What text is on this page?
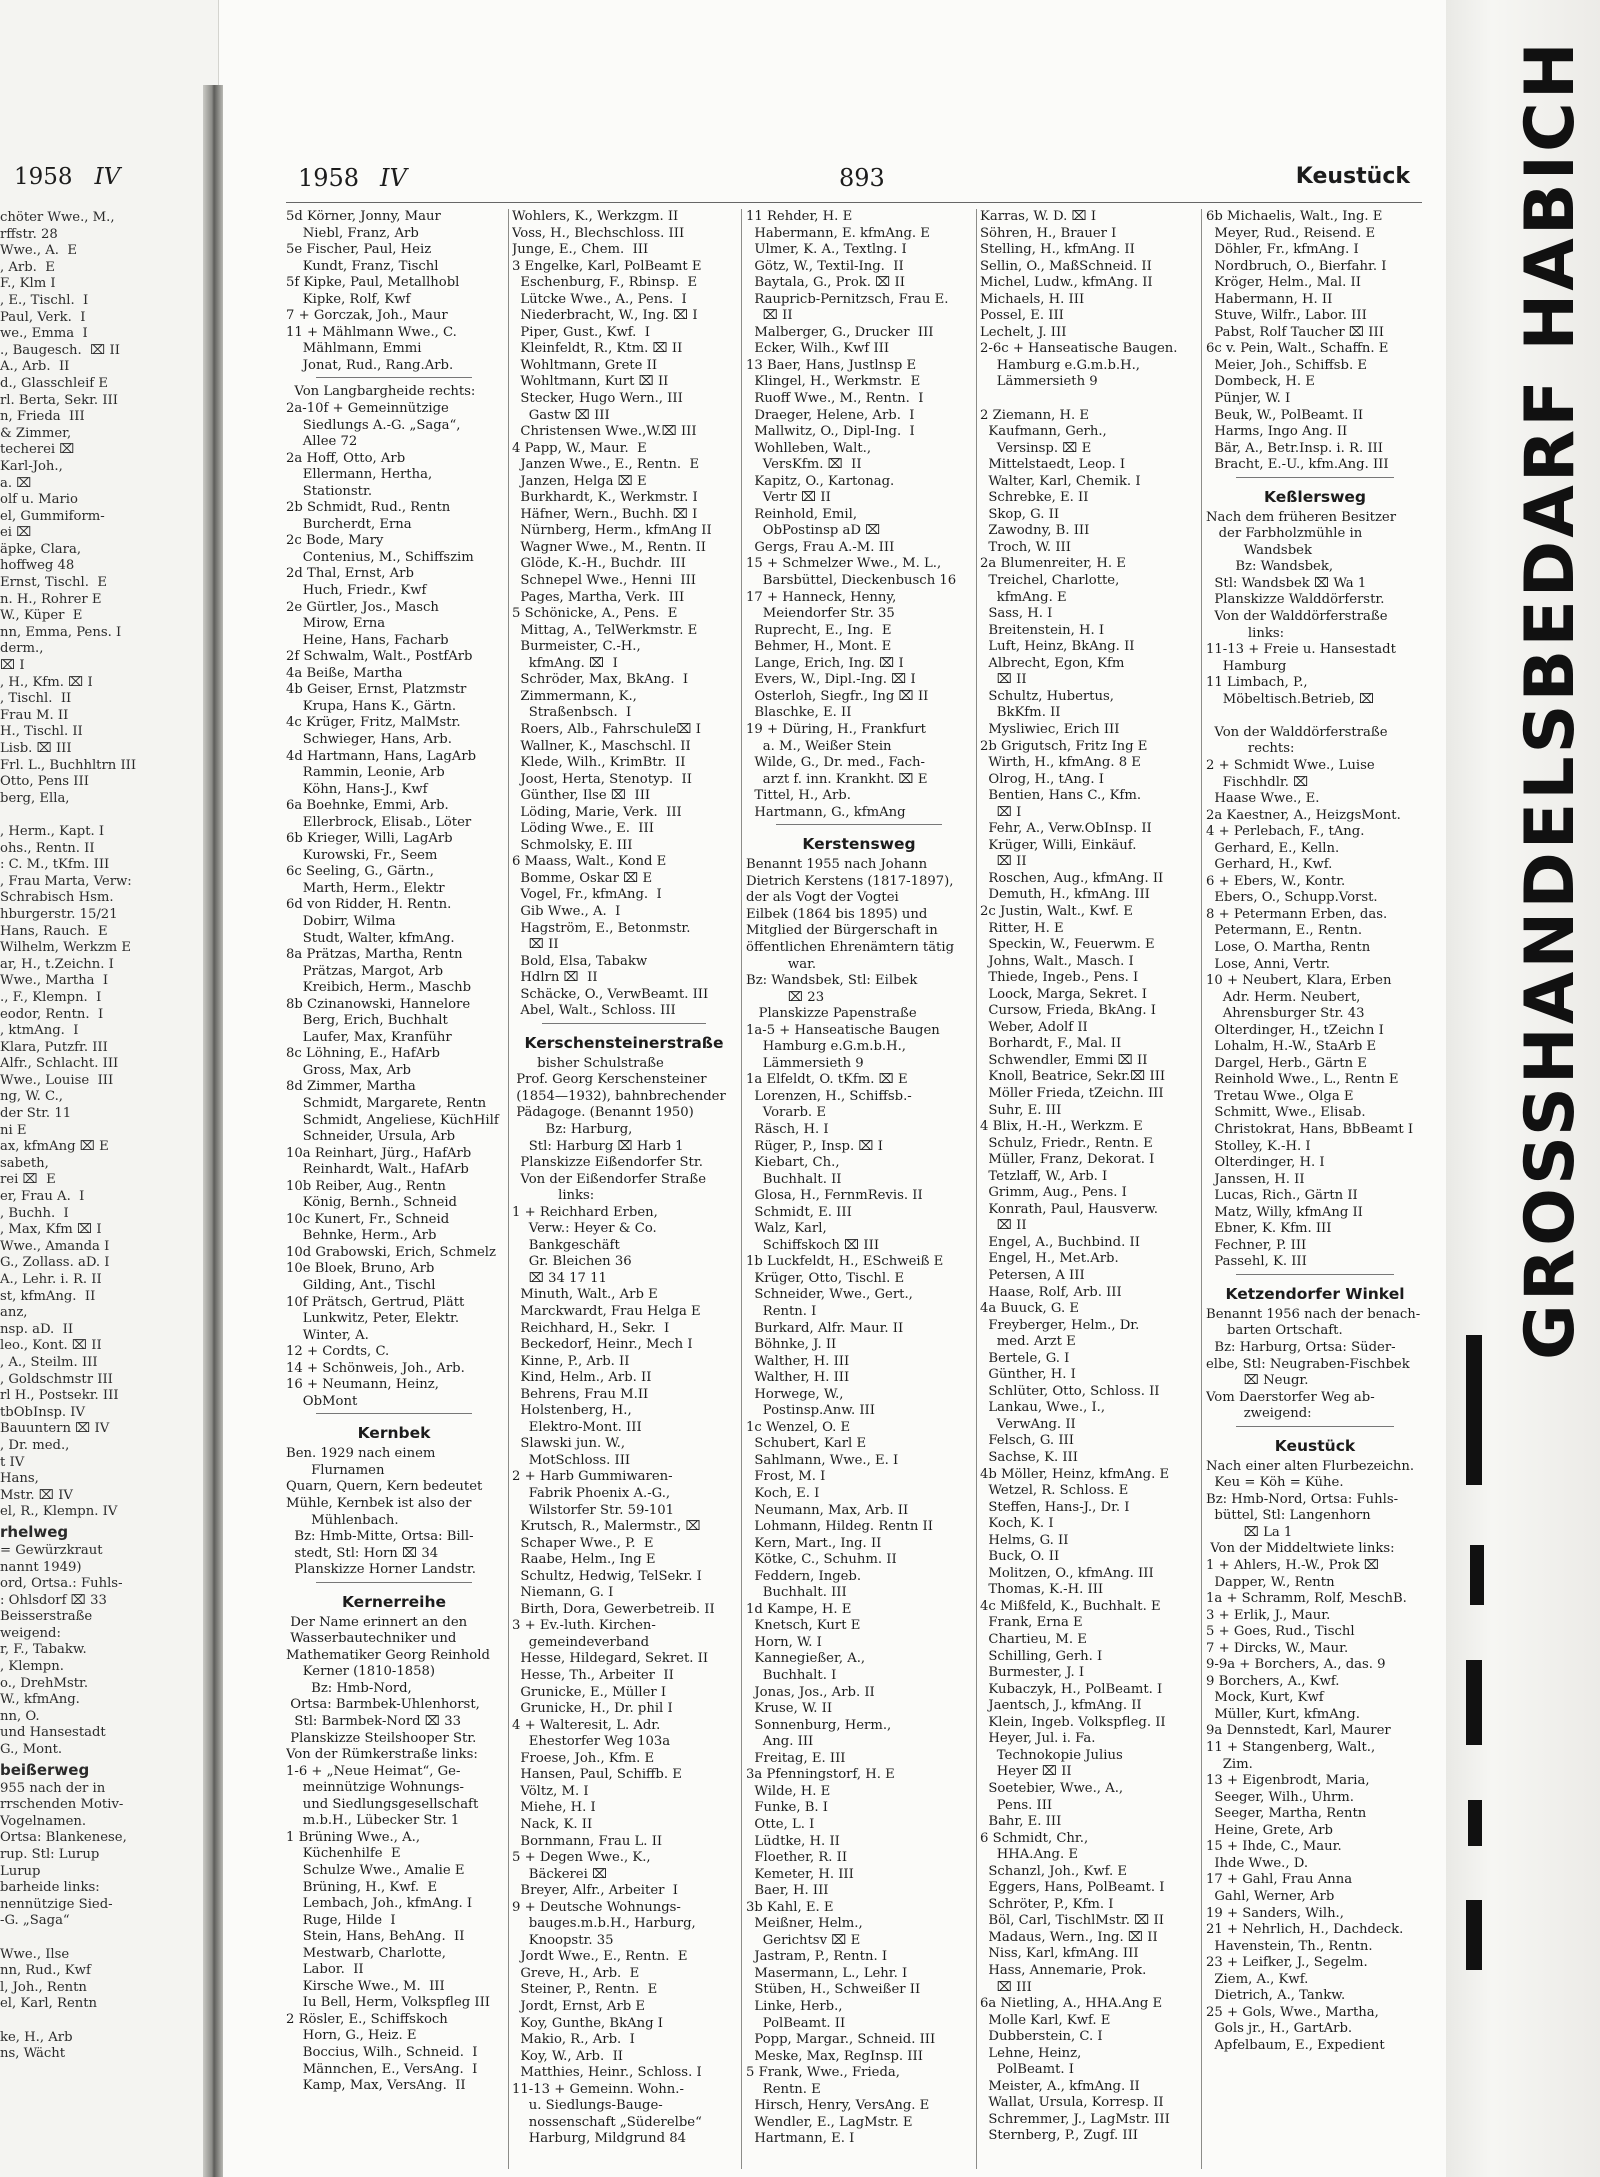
1958 IV
chöter Wwe., M.,
rffstr. 28
Wwe., A.  E
, Arb.  E
F., Klm I
, E., Tischl.  I
Paul, Verk.  I
we., Emma  I
., Baugesch.  ⌧ II
A., Arb.  II
d., Glasschleif E
rl. Berta, Sekr. III
n, Frieda  III
& Zimmer,
techerei ⌧
Karl-Joh.,
a. ⌧
olf u. Mario
el, Gummiform-
ei ⌧
äpke, Clara,
hoffweg 48
Ernst, Tischl.  E
n. H., Rohrer E
W., Küper  E
nn, Emma, Pens. I
derm.,
⌧ I
, H., Kfm. ⌧ I
, Tischl.  II
Frau M. II
H., Tischl. II
Lisb. ⌧ III
Frl. L., Buchhltrn III
Otto, Pens III
berg, Ella,

, Herm., Kapt. I
ohs., Rentn. II
: C. M., tKfm. III
, Frau Marta, Verw:
Schrabisch Hsm.
hburgerstr. 15/21
Hans, Rauch.  E
Wilhelm, Werkzm E
ar, H., t.Zeichn. I
Wwe., Martha  I
., F., Klempn.  I
eodor, Rentn.  I
, ktmAng.  I
Klara, Putzfr. III
Alfr., Schlacht. III
Wwe., Louise  III
ng, W. C.,
der Str. 11
ni E
ax, kfmAng ⌧ E
sabeth,
rei ⌧  E
er, Frau A.  I
, Buchh.  I
, Max, Kfm ⌧ I
Wwe., Amanda I
G., Zollass. aD. I
A., Lehr. i. R. II
st, kfmAng.  II
anz,
nsp. aD.  II
leo., Kont. ⌧ II
, A., Steilm. III
, Goldschmstr III
rl H., Postsekr. III
tbObInsp. IV
Bauuntern ⌧ IV
, Dr. med.,
t IV
Hans,
Mstr. ⌧ IV
el, R., Klempn. IV
rhelweg
= Gewürzkraut
nannt 1949)
ord, Ortsa.: Fuhls-
: Ohlsdorf ⌧ 33
Beisserstraße
weigend:
r, F., Tabakw.
, Klempn.
o., DrehMstr.
W., kfmAng.
nn, O.
und Hansestadt
G., Mont.
beißerweg
955 nach der in
rrschenden Motiv-
Vogelnamen.
Ortsa: Blankenese,
rup. Stl: Lurup
Lurup
barheide links:
nennützige Sied-
-G. „Saga“

Wwe., Ilse
nn, Rud., Kwf
l, Joh., Rentn
el, Karl, Rentn

ke, H., Arb
ns, Wächt
1958 IV	893	Keustück
5d Körner, Jonny, Maur
Niebl, Franz, Arb
5e Fischer, Paul, Heiz
Kundt, Franz, Tischl
5f Kipke, Paul, Metallhobl
Kipke, Rolf, Kwf
7 + Gorczak, Joh., Maur
11 + Mählmann Wwe., C.
Mählmann, Emmi
Jonat, Rud., Rang.Arb.
Von Langbargheide rechts:
2a-10f + Gemeinnützige
Siedlungs A.-G. „Saga“,
Allee 72
2a Hoff, Otto, Arb
Ellermann, Hertha,
Stationstr.
2b Schmidt, Rud., Rentn
Burcherdt, Erna
2c Bode, Mary
Contenius, M., Schiffszim
2d Thal, Ernst, Arb
Huch, Friedr., Kwf
2e Gürtler, Jos., Masch
Mirow, Erna
Heine, Hans, Facharb
2f Schwalm, Walt., PostfArb
4a Beiße, Martha
4b Geiser, Ernst, Platzmstr
Krupa, Hans K., Gärtn.
4c Krüger, Fritz, MalMstr.
Schwieger, Hans, Arb.
4d Hartmann, Hans, LagArb
Rammin, Leonie, Arb
Köhn, Hans-J., Kwf
6a Boehnke, Emmi, Arb.
Ellerbrock, Elisab., Löter
6b Krieger, Willi, LagArb
Kurowski, Fr., Seem
6c Seeling, G., Gärtn.,
Marth, Herm., Elektr
6d von Ridder, H. Rentn.
Dobirr, Wilma
Studt, Walter, kfmAng.
8a Prätzas, Martha, Rentn
Prätzas, Margot, Arb
Kreibich, Herm., Maschb
8b Czinanowski, Hannelore
Berg, Erich, Buchhalt
Laufer, Max, Kranführ
8c Löhning, E., HafArb
Gross, Max, Arb
8d Zimmer, Martha
Schmidt, Margarete, Rentn
Schmidt, Angeliese, KüchHilf
Schneider, Ursula, Arb
10a Reinhart, Jürg., HafArb
Reinhardt, Walt., HafArb
10b Reiber, Aug., Rentn
König, Bernh., Schneid
10c Kunert, Fr., Schneid
Behnke, Herm., Arb
10d Grabowski, Erich, Schmelz
10e Bloek, Bruno, Arb
Gilding, Ant., Tischl
10f Prätsch, Gertrud, Plätt
Lunkwitz, Peter, Elektr.
Winter, A.
12 + Cordts, C.
14 + Schönweis, Joh., Arb.
16 + Neumann, Heinz,
ObMont
Kernbek
Ben. 1929 nach einem
Flurnamen
Quarn, Quern, Kern bedeutet
Mühle, Kernbek ist also der
Mühlenbach.
Bz: Hmb-Mitte, Ortsa: Bill-
stedt, Stl: Horn ⌧ 34
Planskizze Horner Landstr.
Kernerreihe
Der Name erinnert an den
Wasserbautechniker und
Mathematiker Georg Reinhold
Kerner (1810-1858)
Bz: Hmb-Nord,
Ortsa: Barmbek-Uhlenhorst,
Stl: Barmbek-Nord ⌧ 33
Planskizze Steilshooper Str.
Von der Rümkerstraße links:
1-6 + „Neue Heimat“, Ge-
meinnützige Wohnungs-
und Siedlungsgesellschaft
m.b.H., Lübecker Str. 1
1 Brüning Wwe., A.,
Küchenhilfe  E
Schulze Wwe., Amalie E
Brüning, H., Kwf.  E
Lembach, Joh., kfmAng. I
Ruge, Hilde  I
Stein, Hans, BehAng.  II
Mestwarb, Charlotte,
Labor.  II
Kirsche Wwe., M.  III
Iu Bell, Herm, Volkspfleg III
2 Rösler, E., Schiffskoch
Horn, G., Heiz. E
Boccius, Wilh., Schneid.  I
Männchen, E., VersAng.  I
Kamp, Max, VersAng.  II
Wohlers, K., Werkzgm. II
Voss, H., Blechschloss. III
Junge, E., Chem.  III
3 Engelke, Karl, PolBeamt E
Eschenburg, F., Rbinsp.  E
Lütcke Wwe., A., Pens.  I
Niederbracht, W., Ing. ⌧ I
Piper, Gust., Kwf.  I
Kleinfeldt, R., Ktm. ⌧ II
Wohltmann, Grete II
Wohltmann, Kurt ⌧ II
Stecker, Hugo Wern., III
Gastw ⌧ III
Christensen Wwe.,W.⌧ III
4 Papp, W., Maur.  E
Janzen Wwe., E., Rentn.  E
Janzen, Helga ⌧ E
Burkhardt, K., Werkmstr. I
Häfner, Wern., Buchh. ⌧ I
Nürnberg, Herm., kfmAng II
Wagner Wwe., M., Rentn. II
Glöde, K.-H., Buchdr.  III
Schnepel Wwe., Henni  III
Pages, Martha, Verk.  III
5 Schönicke, A., Pens.  E
Mittag, A., TelWerkmstr. E
Burmeister, C.-H.,
kfmAng. ⌧  I
Schröder, Max, BkAng.  I
Zimmermann, K.,
Straßenbsch.  I
Roers, Alb., Fahrschule⌧ I
Wallner, K., Maschschl. II
Klede, Wilh., KrimBtr.  II
Joost, Herta, Stenotyp.  II
Günther, Ilse ⌧  III
Löding, Marie, Verk.  III
Löding Wwe., E.  III
Schmolsky, E. III
6 Maass, Walt., Kond E
Bomme, Oskar ⌧ E
Vogel, Fr., kfmAng.  I
Gib Wwe., A.  I
Hagström, E., Betonmstr.
⌧ II
Bold, Elsa, Tabakw
Hdlrn ⌧  II
Schäcke, O., VerwBeamt. III
Abel, Walt., Schloss. III
Kerschensteinerstraße
bisher Schulstraße
Prof. Georg Kerschensteiner
(1854—1932), bahnbrechender
Pädagoge. (Benannt 1950)
Bz: Harburg,
Stl: Harburg ⌧ Harb 1
Planskizze Eißendorfer Str.
Von der Eißendorfer Straße
links:
1 + Reichhard Erben,
Verw.: Heyer & Co.
Bankgeschäft
Gr. Bleichen 36
⌧ 34 17 11
Minuth, Walt., Arb E
Marckwardt, Frau Helga E
Reichhard, H., Sekr.  I
Beckedorf, Heinr., Mech I
Kinne, P., Arb. II
Kind, Helm., Arb. II
Behrens, Frau M.II
Holstenberg, H.,
Elektro-Mont. III
Slawski jun. W.,
MotSchloss. III
2 + Harb Gummiwaren-
Fabrik Phoenix A.-G.,
Wilstorfer Str. 59-101
Krutsch, R., Malermstr., ⌧
Schaper Wwe., P.  E
Raabe, Helm., Ing E
Schultz, Hedwig, TelSekr. I
Niemann, G. I
Birth, Dora, Gewerbetreib. II
3 + Ev.-luth. Kirchen-
gemeindeverband
Hesse, Hildegard, Sekret. II
Hesse, Th., Arbeiter  II
Grunicke, E., Müller I
Grunicke, H., Dr. phil I
4 + Walteresit, L. Adr.
Ehestorfer Weg 103a
Froese, Joh., Kfm. E
Hansen, Paul, Schiffb. E
Völtz, M. I
Miehe, H. I
Nack, K. II
Bornmann, Frau L. II
5 + Degen Wwe., K.,
Bäckerei ⌧
Breyer, Alfr., Arbeiter  I
9 + Deutsche Wohnungs-
bauges.m.b.H., Harburg,
Knoopstr. 35
Jordt Wwe., E., Rentn.  E
Greve, H., Arb.  E
Steiner, P., Rentn.  E
Jordt, Ernst, Arb E
Koy, Gunthe, BkAng I
Makio, R., Arb.  I
Koy, W., Arb.  II
Matthies, Heinr., Schloss. I
11-13 + Gemeinn. Wohn.-
u. Siedlungs-Bauge-
nossenschaft „Süderelbe“
Harburg, Mildgrund 84
11 Rehder, H. E
Habermann, E. kfmAng. E
Ulmer, K. A., Textlng. I
Götz, W., Textil-Ing.  II
Baytala, G., Prok. ⌧ II
Raupricb-Pernitzsch, Frau E.
⌧ II
Malberger, G., Drucker  III
Ecker, Wilh., Kwf III
13 Baer, Hans, Justlnsp E
Klingel, H., Werkmstr.  E
Ruoff Wwe., M., Rentn.  I
Draeger, Helene, Arb.  I
Mallwitz, O., Dipl-Ing.  I
Wohlleben, Walt.,
VersKfm. ⌧  II
Kapitz, O., Kartonag.
Vertr ⌧ II
Reinhold, Emil,
ObPostinsp aD ⌧
Gergs, Frau A.-M. III
15 + Schmelzer Wwe., M. L.,
Barsbüttel, Dieckenbusch 16
17 + Hanneck, Henny,
Meiendorfer Str. 35
Ruprecht, E., Ing.  E
Behmer, H., Mont. E
Lange, Erich, Ing. ⌧ I
Evers, W., Dipl.-Ing. ⌧ I
Osterloh, Siegfr., Ing ⌧ II
Blaschke, E. II
19 + Düring, H., Frankfurt
a. M., Weißer Stein
Wilde, G., Dr. med., Fach-
arzt f. inn. Krankht. ⌧ E
Tittel, H., Arb.
Hartmann, G., kfmAng
Kerstensweg
Benannt 1955 nach Johann
Dietrich Kerstens (1817-1897),
der als Vogt der Vogtei
Eilbek (1864 bis 1895) und
Mitglied der Bürgerschaft in
öffentlichen Ehrenämtern tätig
war.
Bz: Wandsbek, Stl: Eilbek
⌧ 23
Planskizze Papenstraße
1a-5 + Hanseatische Baugen
Hamburg e.G.m.b.H.,
Lämmersieth 9
1a Elfeldt, O. tKfm. ⌧ E
Lorenzen, H., Schiffsb.-
Vorarb. E
Räsch, H. I
Rüger, P., Insp. ⌧ I
Kiebart, Ch.,
Buchhalt. II
Glosa, H., FernmRevis. II
Schmidt, E. III
Walz, Karl,
Schiffskoch ⌧ III
1b Luckfeldt, H., ESchweiß E
Krüger, Otto, Tischl. E
Schneider, Wwe., Gert.,
Rentn. I
Burkard, Alfr. Maur. II
Böhnke, J. II
Walther, H. III
Walther, H. III
Horwege, W.,
Postinsp.Anw. III
1c Wenzel, O. E
Schubert, Karl E
Sahlmann, Wwe., E. I
Frost, M. I
Koch, E. I
Neumann, Max, Arb. II
Lohmann, Hildeg. Rentn II
Kern, Mart., Ing. II
Kötke, C., Schuhm. II
Feddern, Ingeb.
Buchhalt. III
1d Kampe, H. E
Knetsch, Kurt E
Horn, W. I
Kannegießer, A.,
Buchhalt. I
Jonas, Jos., Arb. II
Kruse, W. II
Sonnenburg, Herm.,
Ang. III
Freitag, E. III
3a Pfenningstorf, H. E
Wilde, H. E
Funke, B. I
Otte, L. I
Lüdtke, H. II
Floether, R. II
Kemeter, H. III
Baer, H. III
3b Kahl, E. E
Meißner, Helm.,
Gerichtsv ⌧ E
Jastram, P., Rentn. I
Masermann, L., Lehr. I
Stüben, H., Schweißer II
Linke, Herb.,
PolBeamt. II
Popp, Margar., Schneid. III
Meske, Max, RegInsp. III
5 Frank, Wwe., Frieda,
Rentn. E
Hirsch, Henry, VersAng. E
Wendler, E., LagMstr. E
Hartmann, E. I
Karras, W. D. ⌧ I
Söhren, H., Brauer I
Stelling, H., kfmAng. II
Sellin, O., MaßSchneid. II
Michel, Ludw., kfmAng. II
Michaels, H. III
Possel, E. III
Lechelt, J. III
2-6c + Hanseatische Baugen.
Hamburg e.G.m.b.H.,
Lämmersieth 9

2 Ziemann, H. E
Kaufmann, Gerh.,
Versinsp. ⌧ E
Mittelstaedt, Leop. I
Walter, Karl, Chemik. I
Schrebke, E. II
Skop, G. II
Zawodny, B. III
Troch, W. III
2a Blumenreiter, H. E
Treichel, Charlotte,
kfmAng. E
Sass, H. I
Breitenstein, H. I
Luft, Heinz, BkAng. II
Albrecht, Egon, Kfm
⌧ II
Schultz, Hubertus,
BkKfm. II
Mysliwiec, Erich III
2b Grigutsch, Fritz Ing E
Wirth, H., kfmAng. 8 E
Olrog, H., tAng. I
Bentien, Hans C., Kfm.
⌧ I
Fehr, A., Verw.ObInsp. II
Krüger, Willi, Einkäuf.
⌧ II
Roschen, Aug., kfmAng. II
Demuth, H., kfmAng. III
2c Justin, Walt., Kwf. E
Ritter, H. E
Speckin, W., Feuerwm. E
Johns, Walt., Masch. I
Thiede, Ingeb., Pens. I
Loock, Marga, Sekret. I
Cursow, Frieda, BkAng. I
Weber, Adolf II
Borhardt, F., Mal. II
Schwendler, Emmi ⌧ II
Knoll, Beatrice, Sekr.⌧ III
Möller Frieda, tZeichn. III
Suhr, E. III
4 Blix, H.-H., Werkzm. E
Schulz, Friedr., Rentn. E
Müller, Franz, Dekorat. I
Tetzlaff, W., Arb. I
Grimm, Aug., Pens. I
Konrath, Paul, Hausverw.
⌧ II
Engel, A., Buchbind. II
Engel, H., Met.Arb.
Petersen, A III
Haase, Rolf, Arb. III
4a Buuck, G. E
Freyberger, Helm., Dr.
med. Arzt E
Bertele, G. I
Günther, H. I
Schlüter, Otto, Schloss. II
Lankau, Wwe., I.,
VerwAng. II
Felsch, G. III
Sachse, K. III
4b Möller, Heinz, kfmAng. E
Wetzel, R. Schloss. E
Steffen, Hans-J., Dr. I
Koch, K. I
Helms, G. II
Buck, O. II
Molitzen, O., kfmAng. III
Thomas, K.-H. III
4c Mißfeld, K., Buchhalt. E
Frank, Erna E
Chartieu, M. E
Schilling, Gerh. I
Burmester, J. I
Kubaczyk, H., PolBeamt. I
Jaentsch, J., kfmAng. II
Klein, Ingeb. Volkspfleg. II
Heyer, Jul. i. Fa.
Technokopie Julius
Heyer ⌧ II
Soetebier, Wwe., A.,
Pens. III
Bahr, E. III
6 Schmidt, Chr.,
HHA.Ang. E
Schanzl, Joh., Kwf. E
Eggers, Hans, PolBeamt. I
Schröter, P., Kfm. I
Böl, Carl, TischlMstr. ⌧ II
Madaus, Wern., Ing. ⌧ II
Niss, Karl, kfmAng. III
Hass, Annemarie, Prok.
⌧ III
6a Nietling, A., HHA.Ang E
Molle Karl, Kwf. E
Dubberstein, C. I
Lehne, Heinz,
PolBeamt. I
Meister, A., kfmAng. II
Wallat, Ursula, Korresp. II
Schremmer, J., LagMstr. III
Sternberg, P., Zugf. III
6b Michaelis, Walt., Ing. E
Meyer, Rud., Reisend. E
Döhler, Fr., kfmAng. I
Nordbruch, O., Bierfahr. I
Kröger, Helm., Mal. II
Habermann, H. II
Stuve, Wilfr., Labor. III
Pabst, Rolf Taucher ⌧ III
6c v. Pein, Walt., Schaffn. E
Meier, Joh., Schiffsb. E
Dombeck, H. E
Pünjer, W. I
Beuk, W., PolBeamt. II
Harms, Ingo Ang. II
Bär, A., Betr.Insp. i. R. III
Bracht, E.-U., kfm.Ang. III
Keßlersweg
Nach dem früheren Besitzer
der Farbholzmühle in
Wandsbek
Bz: Wandsbek,
Stl: Wandsbek ⌧ Wa 1
Planskizze Walddörferstr.
Von der Walddörferstraße
links:
11-13 + Freie u. Hansestadt
Hamburg
11 Limbach, P.,
Möbeltisch.Betrieb, ⌧

Von der Walddörferstraße
rechts:
2 + Schmidt Wwe., Luise
Fischhdlr. ⌧
Haase Wwe., E.
2a Kaestner, A., HeizgsMont.
4 + Perlebach, F., tAng.
Gerhard, E., Kelln.
Gerhard, H., Kwf.
6 + Ebers, W., Kontr.
Ebers, O., Schupp.Vorst.
8 + Petermann Erben, das.
Petermann, E., Rentn.
Lose, O. Martha, Rentn
Lose, Anni, Vertr.
10 + Neubert, Klara, Erben
Adr. Herm. Neubert,
Ahrensburger Str. 43
Olterdinger, H., tZeichn I
Lohalm, H.-W., StaArb E
Dargel, Herb., Gärtn E
Reinhold Wwe., L., Rentn E
Tretau Wwe., Olga E
Schmitt, Wwe., Elisab.
Christokrat, Hans, BbBeamt I
Stolley, K.-H. I
Olterdinger, H. I
Janssen, H. II
Lucas, Rich., Gärtn II
Matz, Willy, kfmAng II
Ebner, K. Kfm. III
Fechner, P. III
Passehl, K. III
Ketzendorfer Winkel
Benannt 1956 nach der benach-
barten Ortschaft.
Bz: Harburg, Ortsa: Süder-
elbe, Stl: Neugraben-Fischbek
⌧ Neugr.
Vom Daerstorfer Weg ab-
zweigend:
Keustück
Nach einer alten Flurbezeichn.
Keu = Köh = Kühe.
Bz: Hmb-Nord, Ortsa: Fuhls-
büttel, Stl: Langenhorn
⌧ La 1
Von der Middeltwiete links:
1 + Ahlers, H.-W., Prok ⌧
Dapper, W., Rentn
1a + Schramm, Rolf, MeschB.
3 + Erlik, J., Maur.
5 + Goes, Rud., Tischl
7 + Dircks, W., Maur.
9-9a + Borchers, A., das. 9
9 Borchers, A., Kwf.
Mock, Kurt, Kwf
Müller, Kurt, kfmAng.
9a Dennstedt, Karl, Maurer
11 + Stangenberg, Walt.,
Zim.
13 + Eigenbrodt, Maria,
Seeger, Wilh., Uhrm.
Seeger, Martha, Rentn
Heine, Grete, Arb
15 + Ihde, C., Maur.
Ihde Wwe., D.
17 + Gahl, Frau Anna
Gahl, Werner, Arb
19 + Sanders, Wilh.,
21 + Nehrlich, H., Dachdeck.
Havenstein, Th., Rentn.
23 + Leifker, J., Segelm.
Ziem, A., Kwf.
Dietrich, A., Tankw.
25 + Gols, Wwe., Martha,
Gols jr., H., GartArb.
Apfelbaum, E., Expedient
GROSSHANDELSBEDARF HABICH
